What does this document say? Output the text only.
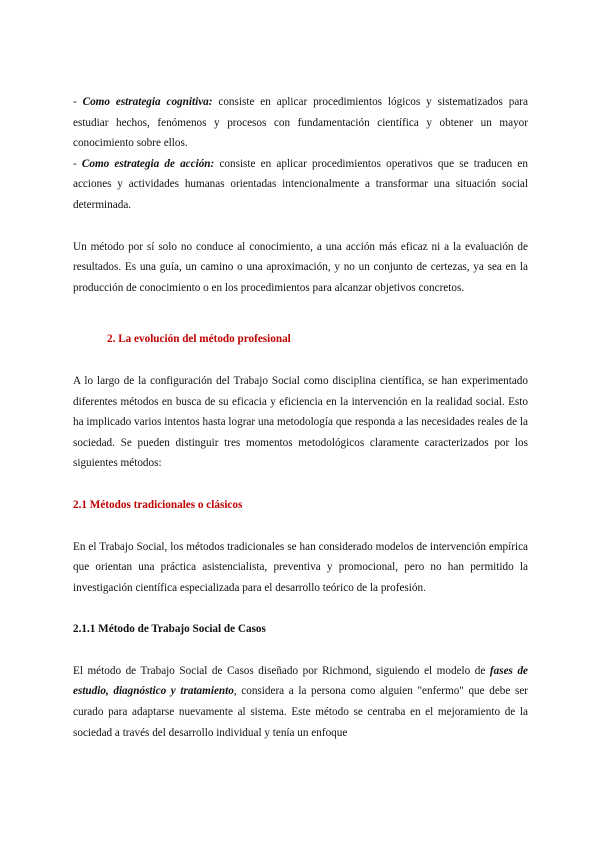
- Como estrategia cognitiva: consiste en aplicar procedimientos lógicos y sistematizados para estudiar hechos, fenómenos y procesos con fundamentación científica y obtener un mayor conocimiento sobre ellos.

- Como estrategia de acción: consiste en aplicar procedimientos operativos que se traducen en acciones y actividades humanas orientadas intencionalmente a transformar una situación social determinada.

Un método por sí solo no conduce al conocimiento, a una acción más eficaz ni a la evaluación de resultados. Es una guía, un camino o una aproximación, y no un conjunto de certezas, ya sea en la producción de conocimiento o en los procedimientos para alcanzar objetivos concretos.

2. La evolución del método profesional

A lo largo de la configuración del Trabajo Social como disciplina científica, se han experimentado diferentes métodos en busca de su eficacia y eficiencia en la intervención en la realidad social. Esto ha implicado varios intentos hasta lograr una metodología que responda a las necesidades reales de la sociedad. Se pueden distinguir tres momentos metodológicos claramente caracterizados por los siguientes métodos:

2.1 Métodos tradicionales o clásicos

En el Trabajo Social, los métodos tradicionales se han considerado modelos de intervención empírica que orientan una práctica asistencialista, preventiva y promocional, pero no han permitido la investigación científica especializada para el desarrollo teórico de la profesión.

2.1.1 Método de Trabajo Social de Casos

El método de Trabajo Social de Casos diseñado por Richmond, siguiendo el modelo de fases de estudio, diagnóstico y tratamiento, considera a la persona como alguien "enfermo" que debe ser curado para adaptarse nuevamente al sistema. Este método se centraba en el mejoramiento de la sociedad a través del desarrollo individual y tenía un enfoque
